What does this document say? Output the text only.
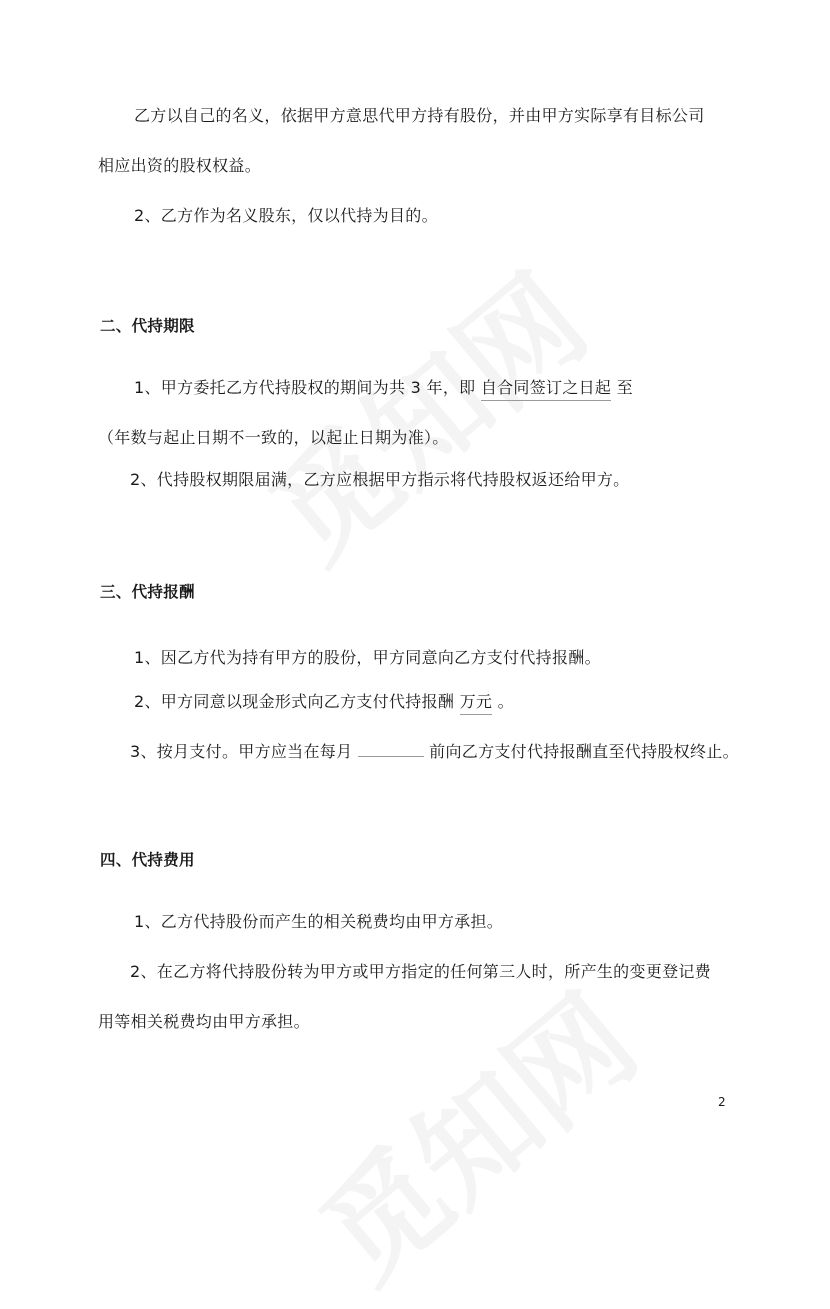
乙方以自己的名义，依据甲方意思代甲方持有股份，并由甲方实际享有目标公司
相应出资的股权权益。
2、乙方作为名义股东，仅以代持为目的。
二、代持期限
1、甲方委托乙方代持股权的期间为共 3 年，即 自合同签订之日起 至
（年数与起止日期不一致的，以起止日期为准）。
2、代持股权期限届满，乙方应根据甲方指示将代持股权返还给甲方。
三、代持报酬
1、因乙方代为持有甲方的股份，甲方同意向乙方支付代持报酬。
2、甲方同意以现金形式向乙方支付代持报酬 万元 。
3、按月支付。甲方应当在每月	前向乙方支付代持报酬直至代持股权终止。
四、代持费用
1、乙方代持股份而产生的相关税费均由甲方承担。
2、在乙方将代持股份转为甲方或甲方指定的任何第三人时，所产生的变更登记费
用等相关税费均由甲方承担。
2
